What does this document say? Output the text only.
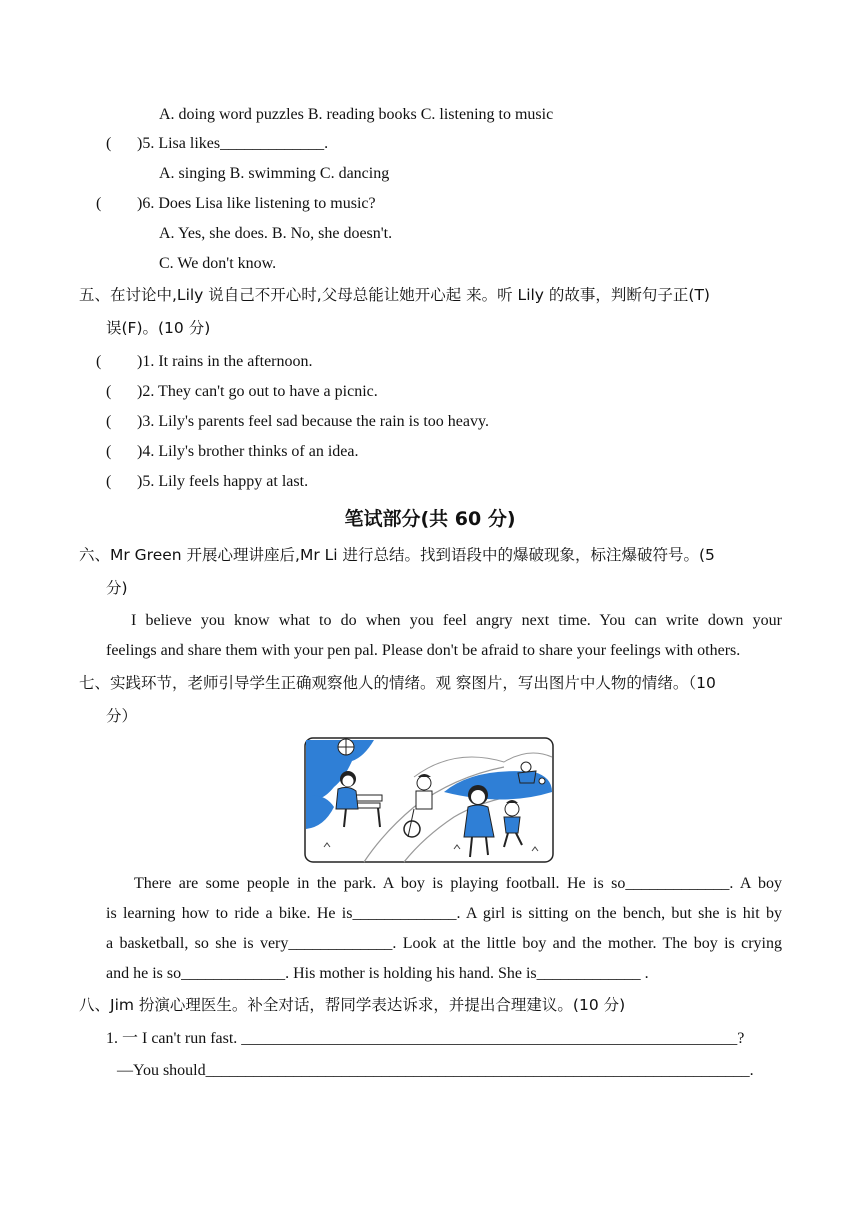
A. doing word puzzles B. reading books C. listening to music
( )5. Lisa likes_____________.
A. singing B. swimming C. dancing
( )6. Does Lisa like listening to music?
A. Yes, she does. B. No, she doesn't.
C. We don't know.
五、在讨论中,Lily 说自己不开心时,父母总能让她开心起 来。听 Lily 的故事，判断句子正(T)
误(F)。(10 分)
( )1. It rains in the afternoon.
( )2. They can't go out to have a picnic.
( )3. Lily's parents feel sad because the rain is too heavy.
( )4. Lily's brother thinks of an idea.
( )5. Lily feels happy at last.
笔试部分(共 60 分)
六、Mr Green 开展心理讲座后,Mr Li 进行总结。找到语段中的爆破现象，标注爆破符号。(5
分)
I believe you know what to do when you feel angry next time. You can write down your
feelings and share them with your pen pal. Please don't be afraid to share your feelings with others.
七、实践环节，老师引导学生正确观察他人的情绪。观 察图片，写出图片中人物的情绪。（10
分）
There are some people in the park. A boy is playing football. He is so_____________. A boy
is learning how to ride a bike. He is_____________. A girl is sitting on the bench, but she is hit by
a basketball, so she is very_____________. Look at the little boy and the mother. The boy is crying
and he is so_____________. His mother is holding his hand. She is_____________ .
八、Jim 扮演心理医生。补全对话，帮同学表达诉求，并提出合理建议。(10 分)
1. 一 I can't run fast. ______________________________________________________________?
—You should____________________________________________________________________.
